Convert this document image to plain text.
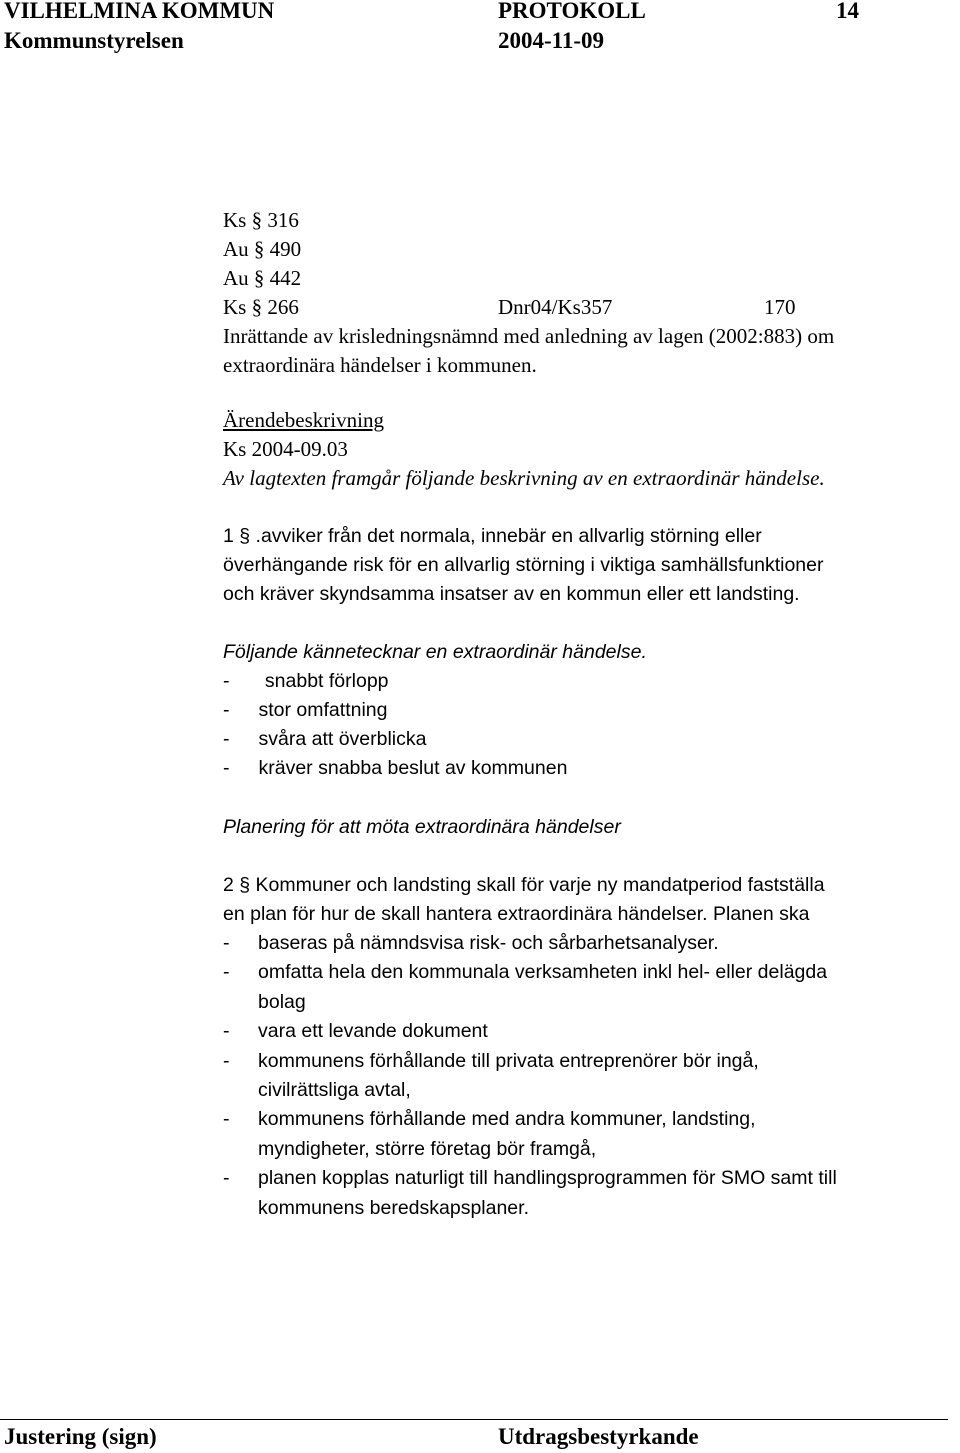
VILHELMINA KOMMUN	PROTOKOLL	14
Kommunstyrelsen	2004-11-09
Ks § 316
Au § 490
Au § 442
Ks § 266	Dnr04/Ks357	170
Inrättande av krisledningsnämnd med anledning av lagen (2002:883) om
extraordinära händelser i kommunen.
Ärendebeskrivning
Ks 2004-09.03
Av lagtexten framgår följande beskrivning av en extraordinär händelse.
1 § .avviker från det normala, innebär en allvarlig störning eller
överhängande risk för en allvarlig störning i viktiga samhällsfunktioner
och kräver skyndsamma insatser av en kommun eller ett landsting.
Följande kännetecknar en extraordinär händelse.
- snabbt förlopp
- stor omfattning
- svåra att överblicka
- kräver snabba beslut av kommunen
Planering för att möta extraordinära händelser
2 § Kommuner och landsting skall för varje ny mandatperiod fastställa
en plan för hur de skall hantera extraordinära händelser. Planen ska
- baseras på nämndsvisa risk- och sårbarhetsanalyser.
- omfatta hela den kommunala verksamheten inkl hel- eller delägda
bolag
- vara ett levande dokument
- kommunens förhållande till privata entreprenörer bör ingå,
civilrättsliga avtal,
- kommunens förhållande med andra kommuner, landsting,
myndigheter, större företag bör framgå,
- planen kopplas naturligt till handlingsprogrammen för SMO samt till
kommunens beredskapsplaner.
Justering (sign)	Utdragsbestyrkande
